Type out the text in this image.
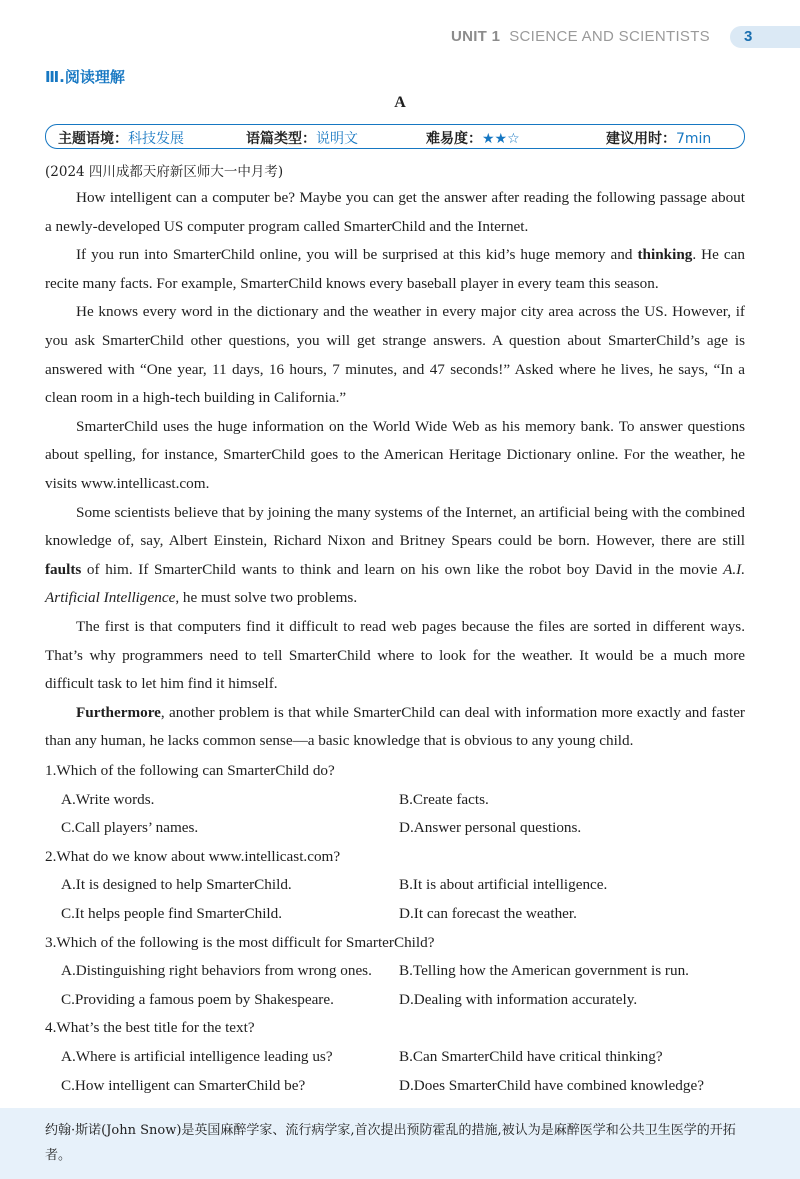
UNIT 1 SCIENCE AND SCIENTISTS	3
Ⅲ.阅读理解
A
主题语境：科技发展	语篇类型：说明文	难易度：★★☆	建议用时：7min
(2024 四川成都天府新区师大一中月考)

How intelligent can a computer be? Maybe you can get the answer after reading the following passage about a newly-developed US computer program called SmarterChild and the Internet.

If you run into SmarterChild online, you will be surprised at this kid’s huge memory and thinking. He can recite many facts. For example, SmarterChild knows every baseball player in every team this season.

He knows every word in the dictionary and the weather in every major city area across the US. However, if you ask SmarterChild other questions, you will get strange answers. A question about SmarterChild’s age is answered with “One year, 11 days, 16 hours, 7 minutes, and 47 seconds!” Asked where he lives, he says, “In a clean room in a high-tech building in California.”

SmarterChild uses the huge information on the World Wide Web as his memory bank. To answer questions about spelling, for instance, SmarterChild goes to the American Heritage Dictionary online. For the weather, he visits www.intellicast.com.

Some scientists believe that by joining the many systems of the Internet, an artificial being with the combined knowledge of, say, Albert Einstein, Richard Nixon and Britney Spears could be born. However, there are still faults of him. If SmarterChild wants to think and learn on his own like the robot boy David in the movie A.I. Artificial Intelligence, he must solve two problems.

The first is that computers find it difficult to read web pages because the files are sorted in different ways. That’s why programmers need to tell SmarterChild where to look for the weather. It would be a much more difficult task to let him find it himself.

Furthermore, another problem is that while SmarterChild can deal with information more exactly and faster than any human, he lacks common sense—a basic knowledge that is obvious to any young child.

1.Which of the following can SmarterChild do?
A.Write words.	B.Create facts.
C.Call players’ names.	D.Answer personal questions.
2.What do we know about www.intellicast.com?
A.It is designed to help SmarterChild.	B.It is about artificial intelligence.
C.It helps people find SmarterChild.	D.It can forecast the weather.
3.Which of the following is the most difficult for SmarterChild?
A.Distinguishing right behaviors from wrong ones.	B.Telling how the American government is run.
C.Providing a famous poem by Shakespeare.	D.Dealing with information accurately.
4.What’s the best title for the text?
A.Where is artificial intelligence leading us?	B.Can SmarterChild have critical thinking?
C.How intelligent can SmarterChild be?	D.Does SmarterChild have combined knowledge?
约翰·斯诺(John Snow)是英国麻醉学家、流行病学家,首次提出预防霍乱的措施,被认为是麻醉医学和公共卫生医学的开拓者。
